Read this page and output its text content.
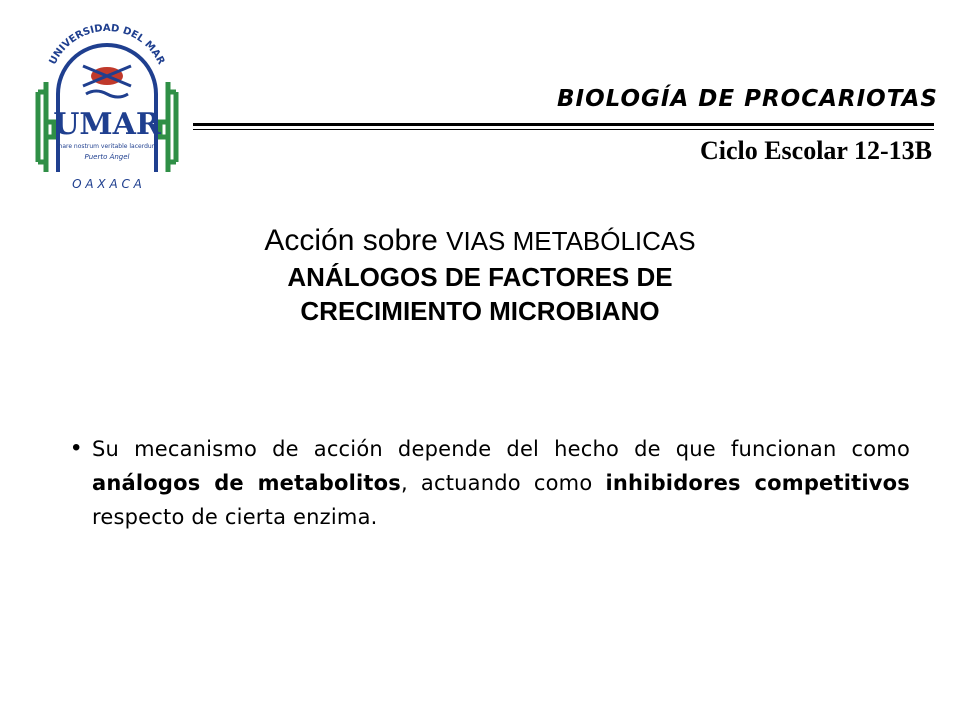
UNIVERSIDAD DEL MAR
UMAR
mare nostrum veritable lacerdum
Puerto Ángel
O A X A C A
BIOLOGÍA DE PROCARIOTAS
Ciclo Escolar 12-13B
Acción sobre VIAS METABÓLICAS
ANÁLOGOS DE FACTORES DE
CRECIMIENTO MICROBIANO
• Su mecanismo de acción depende del hecho de que funcionan como análogos de metabolitos, actuando como inhibidores competitivos respecto de cierta enzima.
